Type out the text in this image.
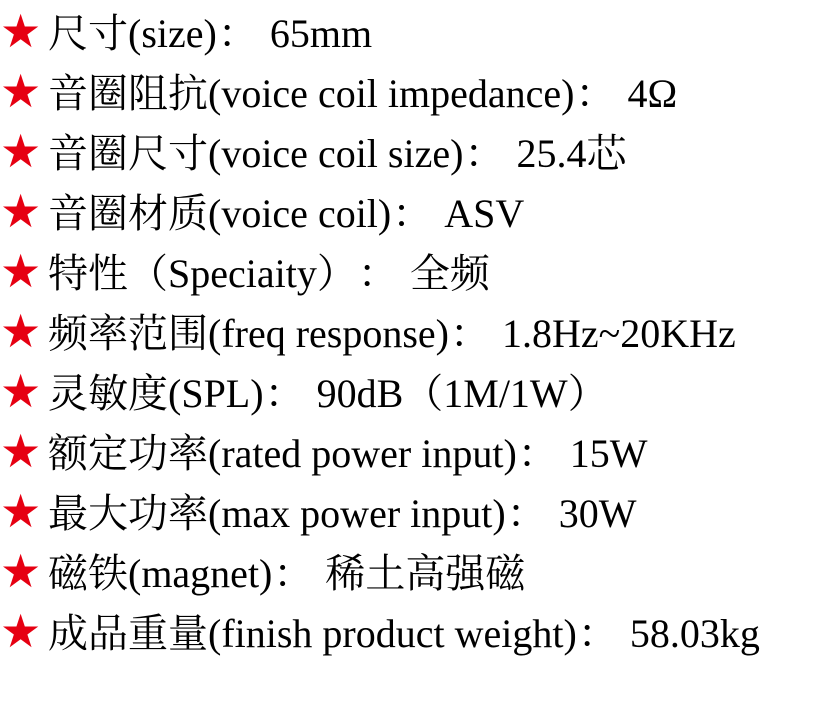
★ 尺寸(size) ： 65mm
★ 音圈阻抗(voice coil impedance) ： 4Ω
★ 音圈尺寸(voice coil size) ： 25.4芯
★ 音圈材质(voice coil) ： ASV
★ 特性（Speciaity） ： 全频
★ 频率范围(freq response) ： 1.8Hz~20KHz
★ 灵敏度(SPL) ： 90dB（1M/1W）
★ 额定功率(rated power input) ： 15W
★ 最大功率(max power input) ： 30W
★ 磁铁(magnet) ： 稀土高强磁
★ 成品重量(finish product weight) ： 58.03kg
